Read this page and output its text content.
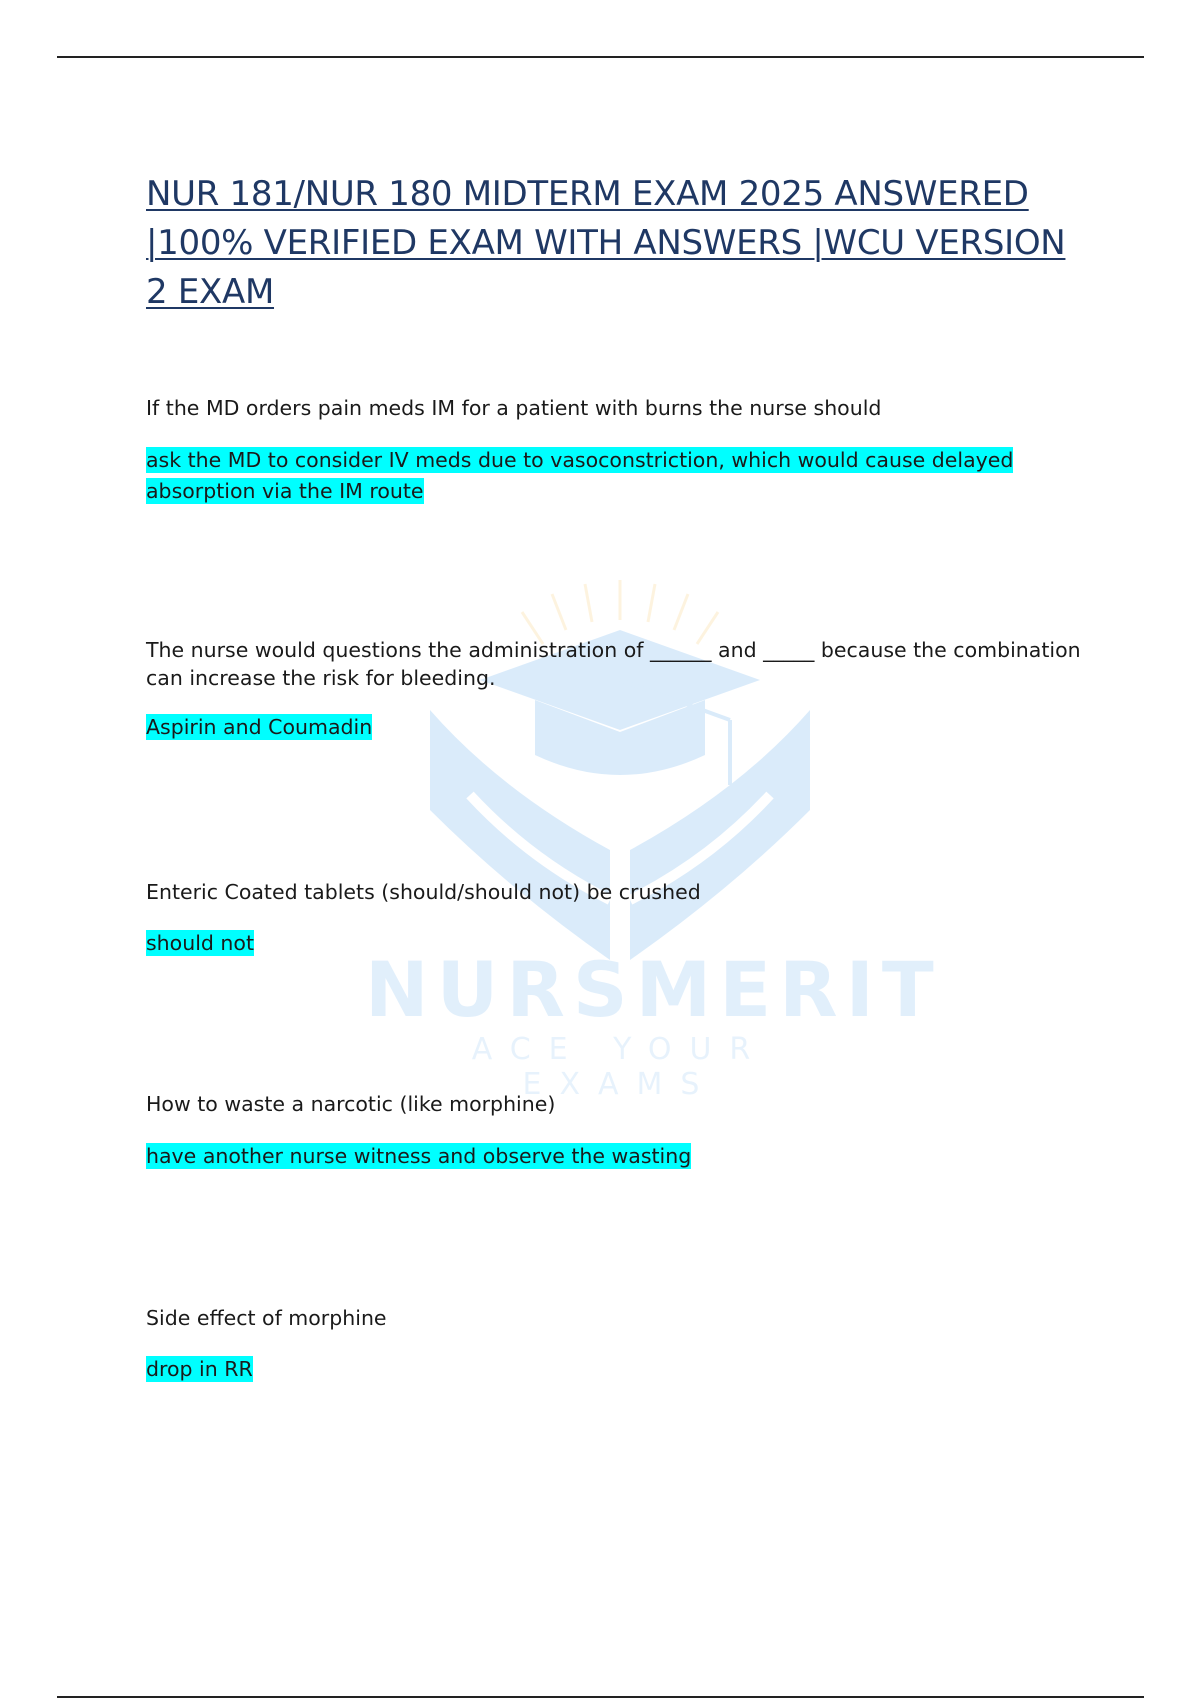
NURSMERIT
ACE YOUR EXAMS
NUR 181/NUR 180 MIDTERM EXAM 2025 ANSWERED |100% VERIFIED EXAM WITH ANSWERS |WCU VERSION 2 EXAM

If the MD orders pain meds IM for a patient with burns the nurse should

ask the MD to consider IV meds due to vasoconstriction, which would cause delayed absorption via the IM route

The nurse would questions the administration of ______ and _____ because the combination can increase the risk for bleeding.

Aspirin and Coumadin

Enteric Coated tablets (should/should not) be crushed

should not

How to waste a narcotic (like morphine)

have another nurse witness and observe the wasting

Side effect of morphine

drop in RR
